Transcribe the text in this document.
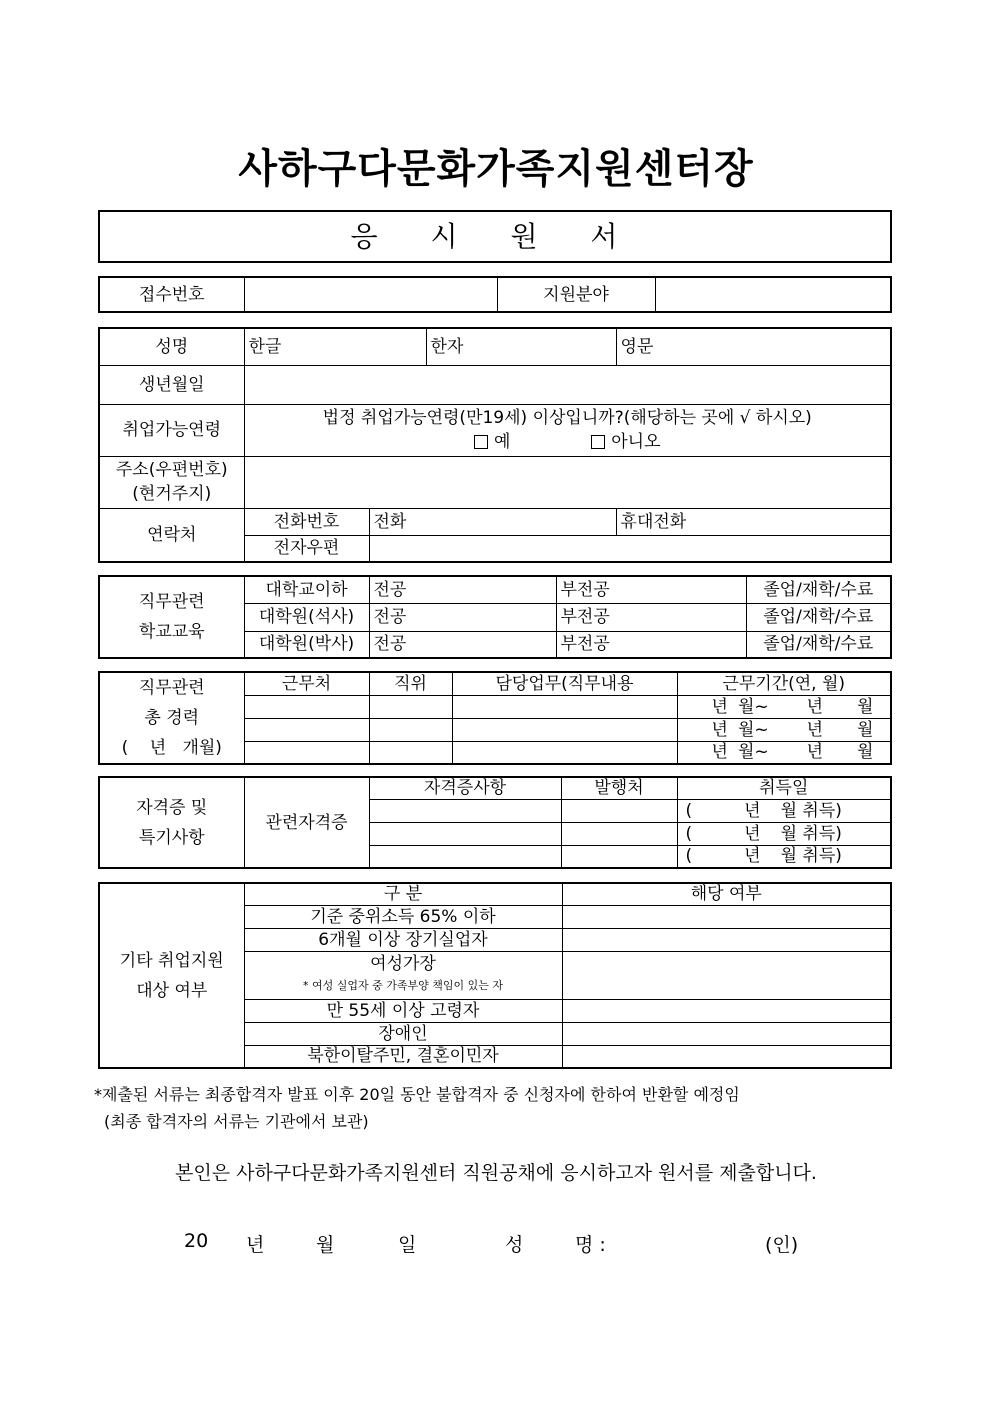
사하구다문화가족지원센터장
응 시 원 서
접수번호		지원분야	
성명	한글		한자	영문
생년월일				
취업가능연령	법정 취업가능연령(만19세) 이상입니까?(해당하는 곳에 √ 하시오)
예 아니오			

주소(우편번호)
(현거주지)				

연락처	전화번호	전화		휴대전화
	전자우편			
직무관련
학교교육	대학교이하	전공	부전공	졸업/재학/수료
	대학원(석사)	전공	부전공	졸업/재학/수료
	대학원(박사)	전공	부전공	졸업/재학/수료
직무관련
총 경력
(    년   개월)	근무처	직위	담당업무(직무내용	근무기간(연, 월)
				년 월~ 년 월
				년 월~ 년 월
				년 월~ 년 월
자격증 및
특기사항	관련자격증	자격증사항	발행처	취득일
				( 년 월 취득)
				( 년 월 취득)
				( 년 월 취득)
기타 취업지원
대상 여부	구 분	해당 여부
	기준 중위소득 65% 이하	
	6개월 이상 장기실업자	

	여성가장
* 여성 실업자 중 가족부양 책임이 있는 자	

	만 55세 이상 고령자	
	장애인	
	북한이탈주민, 결혼이민자	
*제출된 서류는 최종합격자 발표 이후 20일 동안 불합격자 중 신청자에 한하여 반환할 예정임
(최종 합격자의 서류는 기관에서 보관)
본인은 사하구다문화가족지원센터 직원공채에 응시하고자 원서를 제출합니다.
20 년	월	일	성	명 :	(인)
